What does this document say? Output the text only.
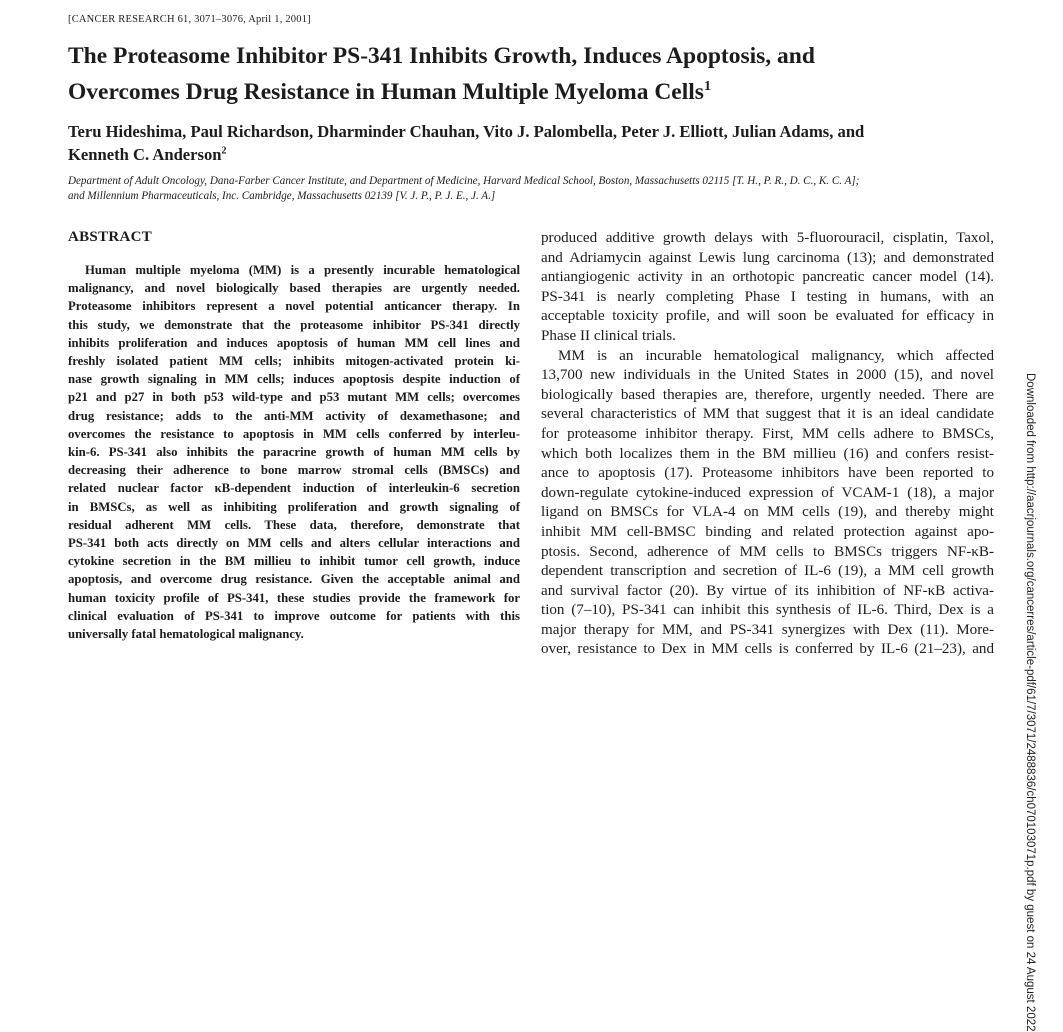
[CANCER RESEARCH 61, 3071–3076, April 1, 2001]
The Proteasome Inhibitor PS-341 Inhibits Growth, Induces Apoptosis, and
Overcomes Drug Resistance in Human Multiple Myeloma Cells$^1$

Teru Hideshima, Paul Richardson, Dharminder Chauhan, Vito J. Palombella, Peter J. Elliott, Julian Adams, and
Kenneth C. Anderson$^2$

Department of Adult Oncology, Dana-Farber Cancer Institute, and Department of Medicine, Harvard Medical School, Boston, Massachusetts 02115 [T. H., P. R., D. C., K. C. A];
and Millennium Pharmaceuticals, Inc. Cambridge, Massachusetts 02139 [V. J. P., P. J. E., J. A.]

ABSTRACT
Human multiple myeloma (MM) is a presently incurable hematological
malignancy, and novel biologically based therapies are urgently needed.
Proteasome inhibitors represent a novel potential anticancer therapy. In
this study, we demonstrate that the proteasome inhibitor PS-341 directly
inhibits proliferation and induces apoptosis of human MM cell lines and
freshly isolated patient MM cells; inhibits mitogen-activated protein ki-
nase growth signaling in MM cells; induces apoptosis despite induction of
p21 and p27 in both p53 wild-type and p53 mutant MM cells; overcomes
drug resistance; adds to the anti-MM activity of dexamethasone; and
overcomes the resistance to apoptosis in MM cells conferred by interleu-
kin-6. PS-341 also inhibits the paracrine growth of human MM cells by
decreasing their adherence to bone marrow stromal cells (BMSCs) and
related nuclear factor κB-dependent induction of interleukin-6 secretion
in BMSCs, as well as inhibiting proliferation and growth signaling of
residual adherent MM cells. These data, therefore, demonstrate that
PS-341 both acts directly on MM cells and alters cellular interactions and
cytokine secretion in the BM millieu to inhibit tumor cell growth, induce
apoptosis, and overcome drug resistance. Given the acceptable animal and
human toxicity profile of PS-341, these studies provide the framework for
clinical evaluation of PS-341 to improve outcome for patients with this
universally fatal hematological malignancy.
produced additive growth delays with 5-fluorouracil, cisplatin, Taxol,
and Adriamycin against Lewis lung carcinoma (13); and demonstrated
antiangiogenic activity in an orthotopic pancreatic cancer model (14).
PS-341 is nearly completing Phase I testing in humans, with an
acceptable toxicity profile, and will soon be evaluated for efficacy in
Phase II clinical trials.
MM is an incurable hematological malignancy, which affected
13,700 new individuals in the United States in 2000 (15), and novel
biologically based therapies are, therefore, urgently needed. There are
several characteristics of MM that suggest that it is an ideal candidate
for proteasome inhibitor therapy. First, MM cells adhere to BMSCs,
which both localizes them in the BM millieu (16) and confers resist-
ance to apoptosis (17). Proteasome inhibitors have been reported to
down-regulate cytokine-induced expression of VCAM-1 (18), a major
ligand on BMSCs for VLA-4 on MM cells (19), and thereby might
inhibit MM cell-BMSC binding and related protection against apo-
ptosis. Second, adherence of MM cells to BMSCs triggers NF-κB-
dependent transcription and secretion of IL-6 (19), a MM cell growth
and survival factor (20). By virtue of its inhibition of NF-κB activa-
tion (7–10), PS-341 can inhibit this synthesis of IL-6. Third, Dex is a
major therapy for MM, and PS-341 synergizes with Dex (11). More-
over, resistance to Dex in MM cells is conferred by IL-6 (21–23), and	Downloaded from http://aacrjournals.org/cancerres/article-pdf/61/7/3071/2488836/ch070103071p.pdf by guest on 24 August 2022
